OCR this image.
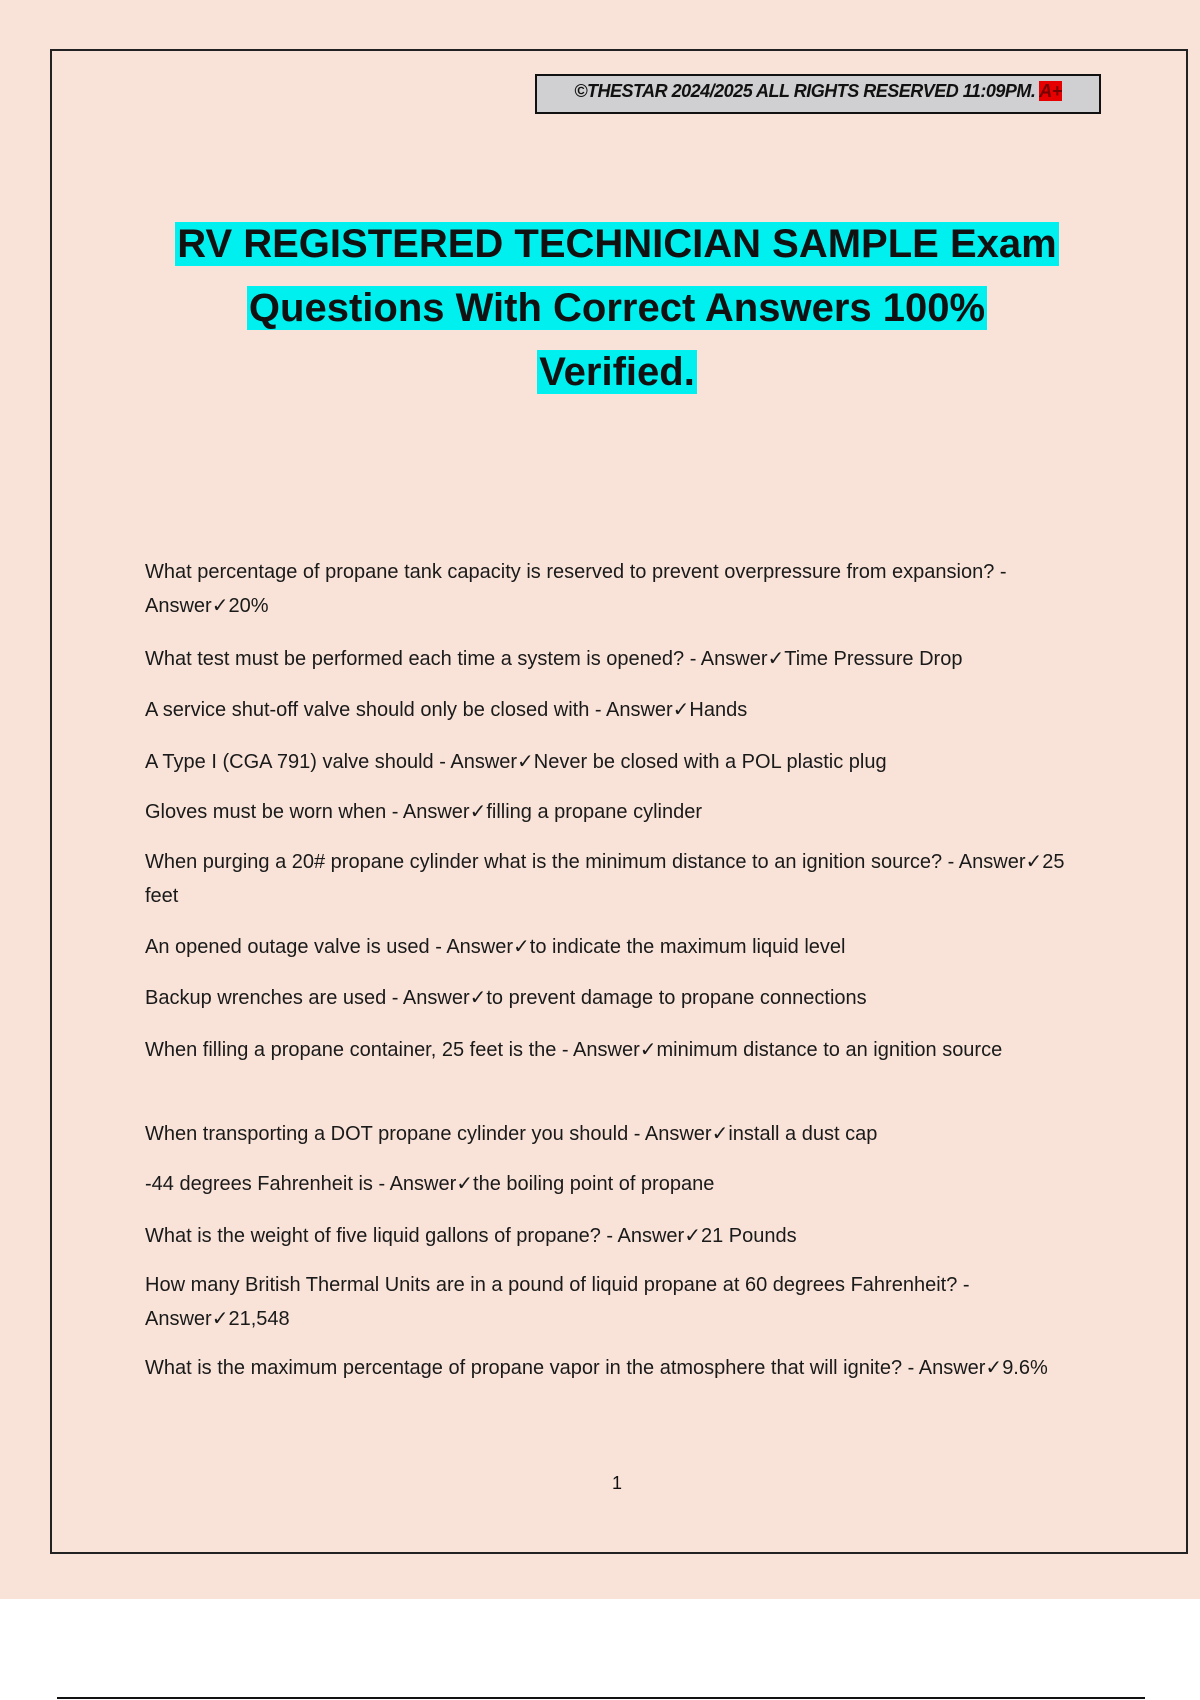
©THESTAR 2024/2025 ALL RIGHTS RESERVED 11:09PM. A+
RV REGISTERED TECHNICIAN SAMPLE Exam
Questions With Correct Answers 100%
Verified.
What percentage of propane tank capacity is reserved to prevent overpressure from expansion? - Answer✓20%
What test must be performed each time a system is opened? - Answer✓Time Pressure Drop
A service shut-off valve should only be closed with - Answer✓Hands
A Type I (CGA 791) valve should - Answer✓Never be closed with a POL plastic plug
Gloves must be worn when - Answer✓filling a propane cylinder
When purging a 20# propane cylinder what is the minimum distance to an ignition source? - Answer✓25 feet
An opened outage valve is used - Answer✓to indicate the maximum liquid level
Backup wrenches are used - Answer✓to prevent damage to propane connections
When filling a propane container, 25 feet is the - Answer✓minimum distance to an ignition source
When transporting a DOT propane cylinder you should - Answer✓install a dust cap
-44 degrees Fahrenheit is - Answer✓the boiling point of propane
What is the weight of five liquid gallons of propane? - Answer✓21 Pounds
How many British Thermal Units are in a pound of liquid propane at 60 degrees Fahrenheit? - Answer✓21,548
What is the maximum percentage of propane vapor in the atmosphere that will ignite? - Answer✓9.6%
1
